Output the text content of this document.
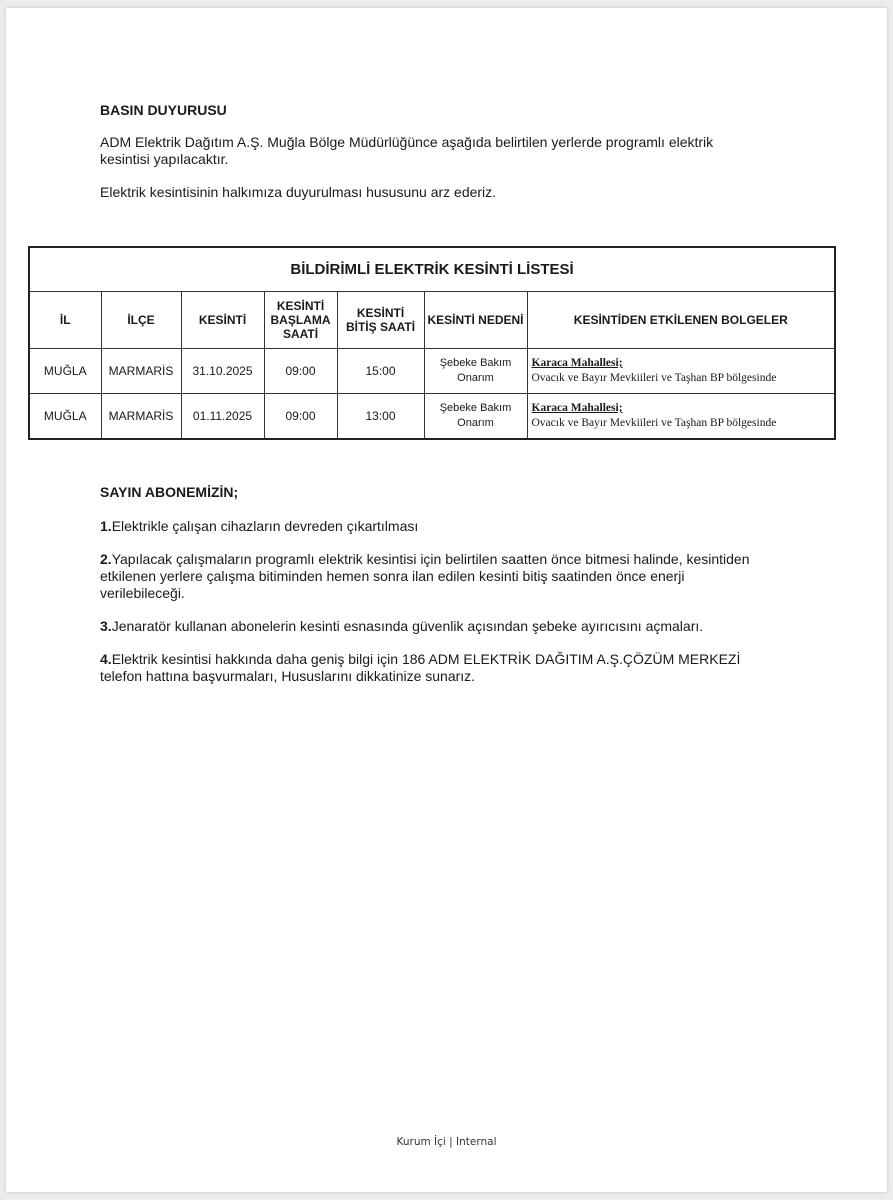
BASIN DUYURUSU
ADM Elektrik Dağıtım A.Ş. Muğla Bölge Müdürlüğünce aşağıda belirtilen yerlerde programlı elektrik kesintisi yapılacaktır.
Elektrik kesintisinin halkımıza duyurulması hususunu arz ederiz.
BİLDİRİMLİ ELEKTRİK KESİNTİ LİSTESİ						
İL	İLÇE	KESİNTİ	KESİNTİ BAŞLAMA SAATİ	KESİNTİ BİTİŞ SAATİ	KESİNTİ NEDENİ	KESİNTİDEN ETKİLENEN BOLGELER
MUĞLA	MARMARİS	31.10.2025	09:00	15:00	Şebeke Bakım Onarım	Karaca Mahallesi;
Ovacık ve Bayır Mevkiileri ve Taşhan BP bölgesinde

MUĞLA	MARMARİS	01.11.2025	09:00	13:00	Şebeke Bakım Onarım	Karaca Mahallesi;
Ovacık ve Bayır Mevkiileri ve Taşhan BP bölgesinde
SAYIN ABONEMİZİN;
1.Elektrikle çalışan cihazların devreden çıkartılması
2.Yapılacak çalışmaların programlı elektrik kesintisi için belirtilen saatten önce bitmesi halinde, kesintiden etkilenen yerlere çalışma bitiminden hemen sonra ilan edilen kesinti bitiş saatinden önce enerji verilebileceği.
3.Jenaratör kullanan abonelerin kesinti esnasında güvenlik açısından şebeke ayırıcısını açmaları.
4.Elektrik kesintisi hakkında daha geniş bilgi için 186 ADM ELEKTRİK DAĞITIM A.Ş.ÇÖZÜM MERKEZİ telefon hattına başvurmaları, Hususlarını dikkatinize sunarız.
Kurum İçi | Internal
